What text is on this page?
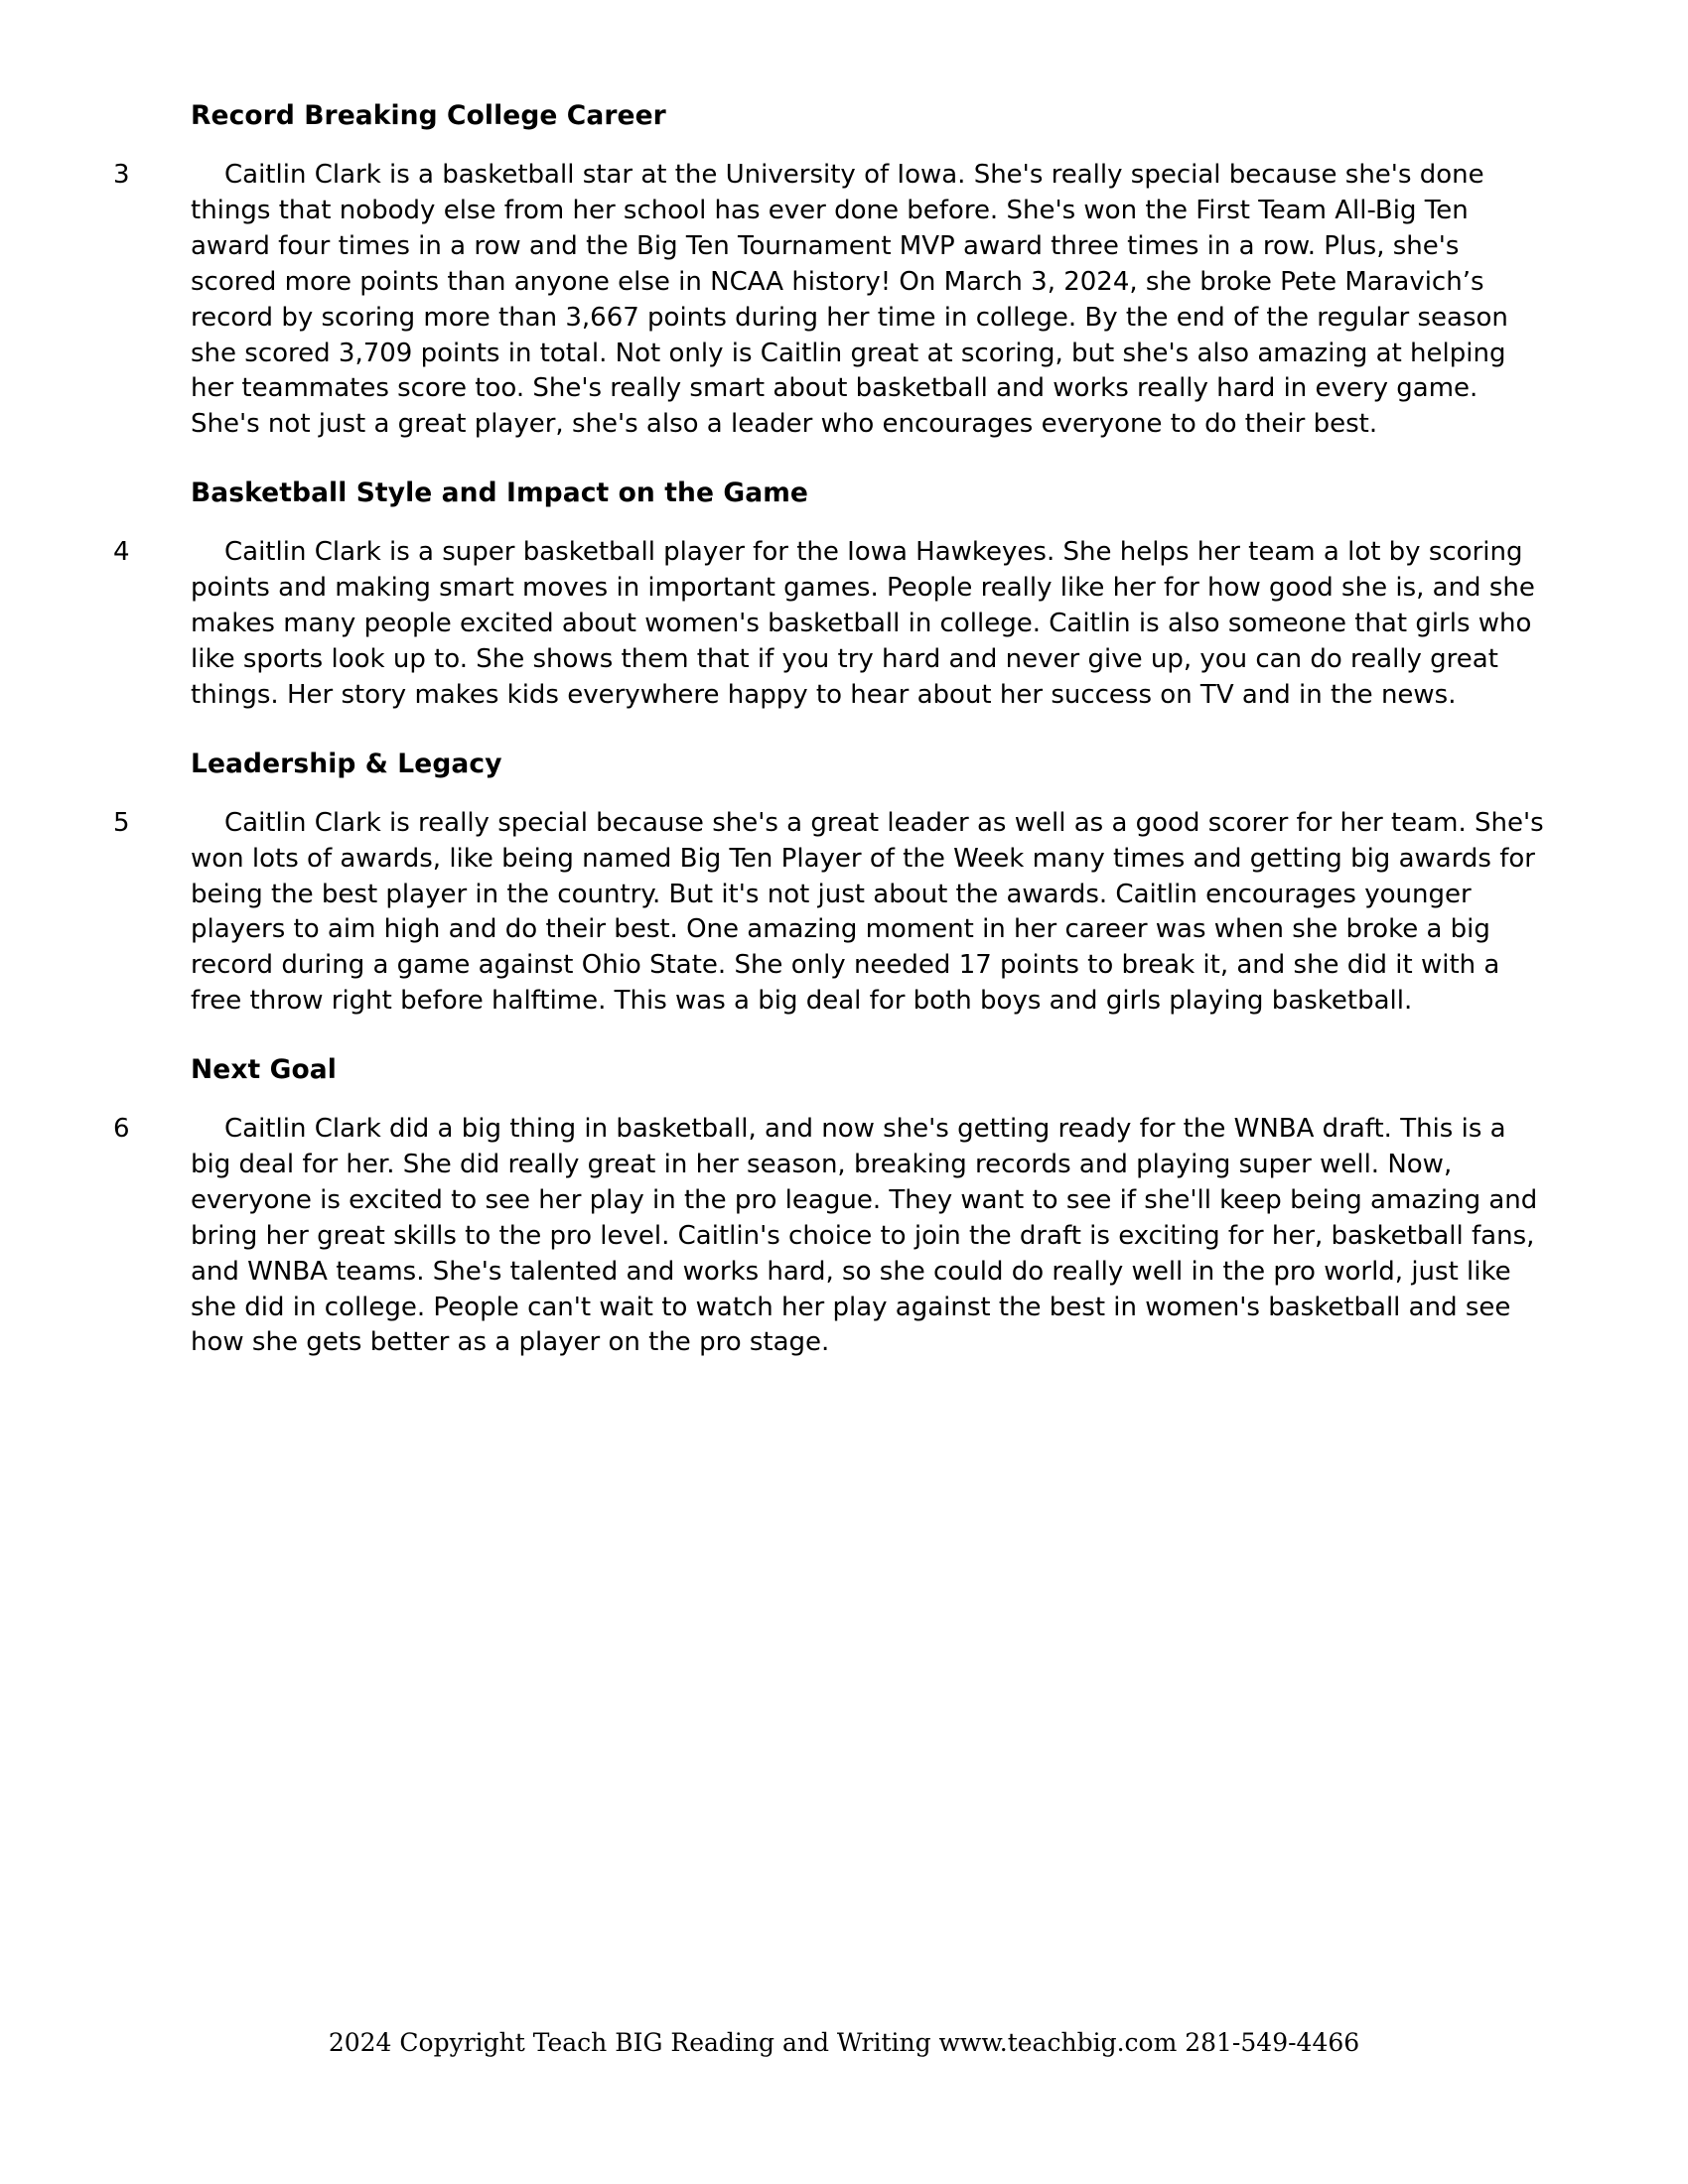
Record Breaking College Career
3	Caitlin Clark is a basketball star at the University of Iowa. She's really special because she's done things that nobody else from her school has ever done before. She's won the First Team All-Big Ten award four times in a row and the Big Ten Tournament MVP award three times in a row. Plus, she's scored more points than anyone else in NCAA history! On March 3, 2024, she broke Pete Maravich’s record by scoring more than 3,667 points during her time in college. By the end of the regular season she scored 3,709 points in total. Not only is Caitlin great at scoring, but she's also amazing at helping her teammates score too. She's really smart about basketball and works really hard in every game. She's not just a great player, she's also a leader who encourages everyone to do their best.
Basketball Style and Impact on the Game
4	Caitlin Clark is a super basketball player for the Iowa Hawkeyes. She helps her team a lot by scoring points and making smart moves in important games. People really like her for how good she is, and she makes many people excited about women's basketball in college. Caitlin is also someone that girls who like sports look up to. She shows them that if you try hard and never give up, you can do really great things. Her story makes kids everywhere happy to hear about her success on TV and in the news.
Leadership & Legacy
5	Caitlin Clark is really special because she's a great leader as well as a good scorer for her team. She's won lots of awards, like being named Big Ten Player of the Week many times and getting big awards for being the best player in the country. But it's not just about the awards. Caitlin encourages younger players to aim high and do their best. One amazing moment in her career was when she broke a big record during a game against Ohio State. She only needed 17 points to break it, and she did it with a free throw right before halftime. This was a big deal for both boys and girls playing basketball.
Next Goal
6	Caitlin Clark did a big thing in basketball, and now she's getting ready for the WNBA draft. This is a big deal for her. She did really great in her season, breaking records and playing super well. Now, everyone is excited to see her play in the pro league. They want to see if she'll keep being amazing and bring her great skills to the pro level. Caitlin's choice to join the draft is exciting for her, basketball fans, and WNBA teams. She's talented and works hard, so she could do really well in the pro world, just like she did in college. People can't wait to watch her play against the best in women's basketball and see how she gets better as a player on the pro stage.
2024 Copyright Teach BIG Reading and Writing www.teachbig.com 281-549-4466
